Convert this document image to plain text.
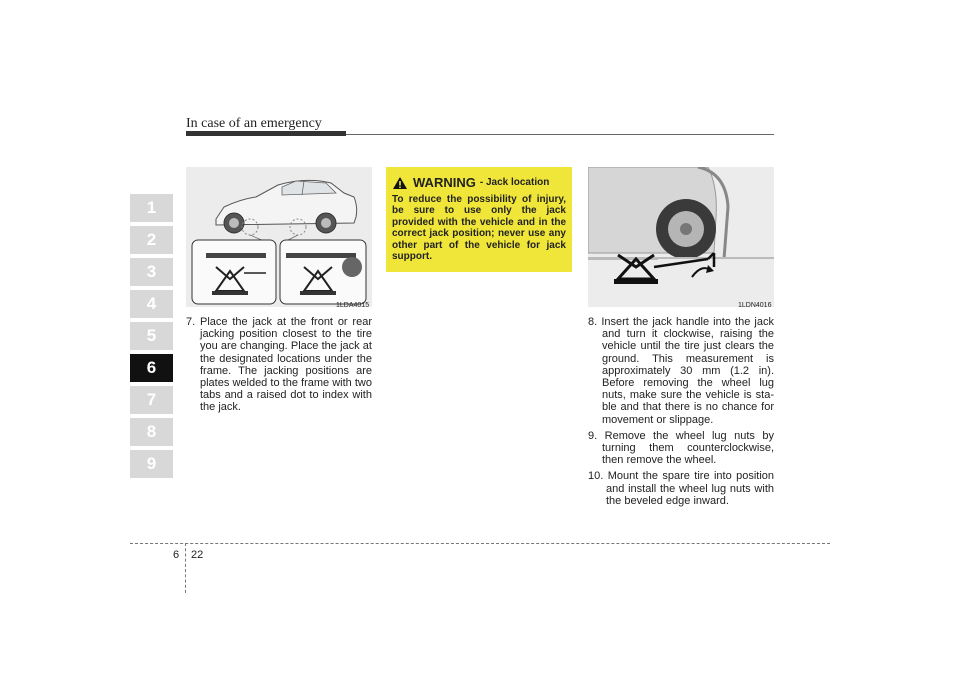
In case of an emergency
1
2
3
4
5
6
7
8
9
1LDA4015
7. Place the jack at the front or rear jacking position closest to the tire you are changing. Place the jack at the designated locations under the frame. The jacking positions are plates welded to the frame with two tabs and a raised dot to index with the jack.
WARNING - Jack location
To reduce the possibility of injury, be sure to use only the jack provided with the vehicle and in the correct jack position; never use any other part of the vehicle for jack support.
1LDN4016
8. Insert the jack handle into the jack and turn it clockwise, raising the vehicle until the tire just clears the ground. This measurement is approximately 30 mm (1.2 in). Before removing the wheel lug nuts, make sure the vehicle is sta-ble and that there is no chance for movement or slippage.
9. Remove the wheel lug nuts by turning them counterclockwise, then remove the wheel.
10. Mount the spare tire into position and install the wheel lug nuts with the beveled edge inward.
6 22
